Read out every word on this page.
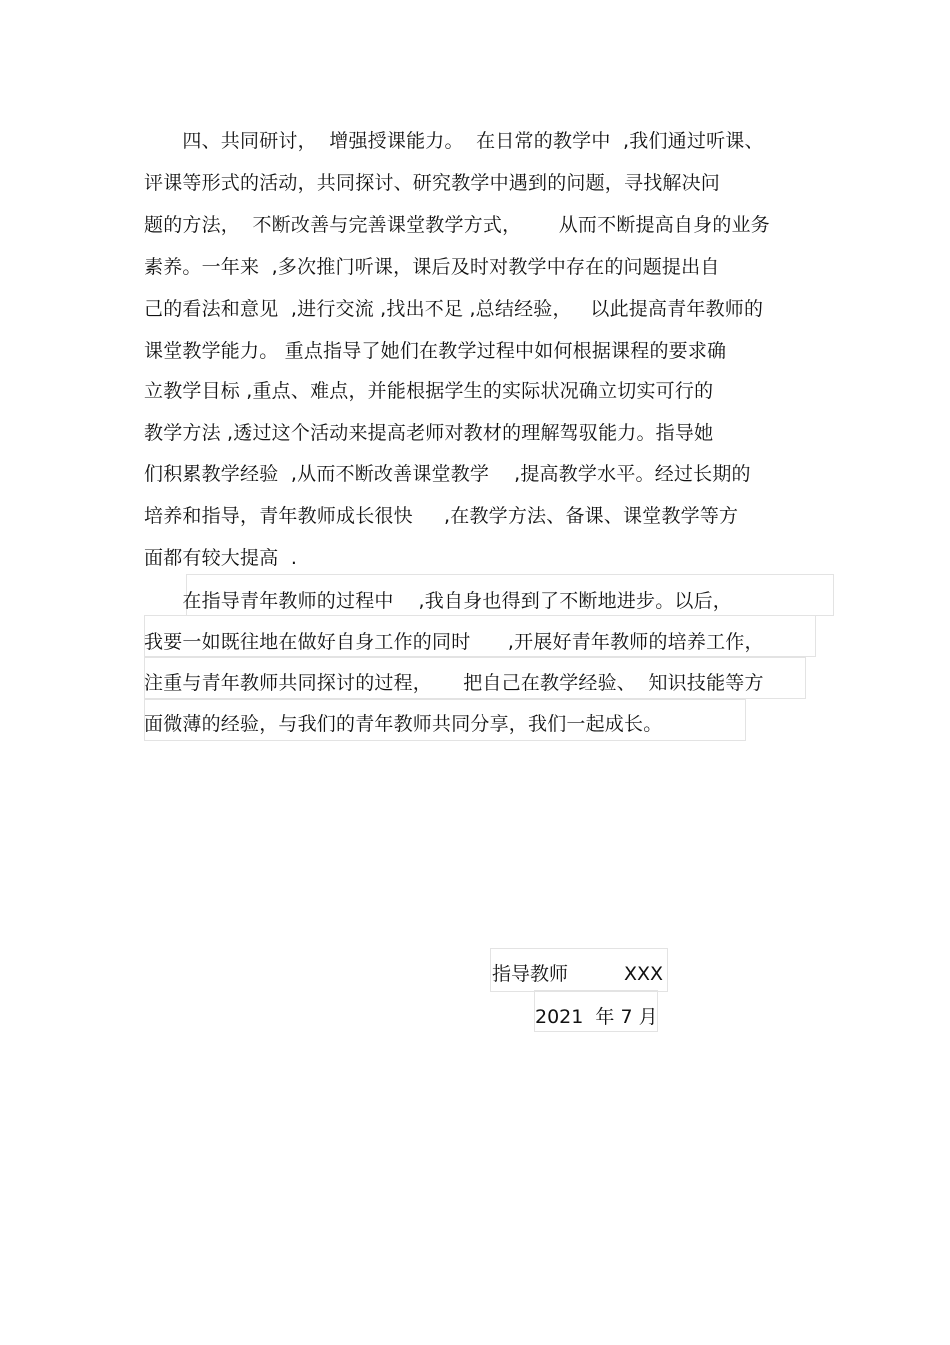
　　四、共同研讨，  增强授课能力。  在日常的教学中  ,我们通过听课、
评课等形式的活动，共同探讨、研究教学中遇到的问题，寻找解决问
题的方法，  不断改善与完善课堂教学方式，      从而不断提高自身的业务
素养。一年来  ,多次推门听课，课后及时对教学中存在的问题提出自
己的看法和意见  ,进行交流 ,找出不足 ,总结经验，   以此提高青年教师的
课堂教学能力。 重点指导了她们在教学过程中如何根据课程的要求确
立教学目标 ,重点、难点，并能根据学生的实际状况确立切实可行的
教学方法 ,透过这个活动来提高老师对教材的理解驾驭能力。指导她
们积累教学经验  ,从而不断改善课堂教学    ,提高教学水平。经过长期的
培养和指导，青年教师成长很快     ,在教学方法、备课、课堂教学等方
面都有较大提高  .
　　在指导青年教师的过程中    ,我自身也得到了不断地进步。以后，
我要一如既往地在做好自身工作的同时      ,开展好青年教师的培养工作，
注重与青年教师共同探讨的过程，     把自己在教学经验、  知识技能等方
面微薄的经验，与我们的青年教师共同分享，我们一起成长。
指导教师	XXX
2021  年 7 月
